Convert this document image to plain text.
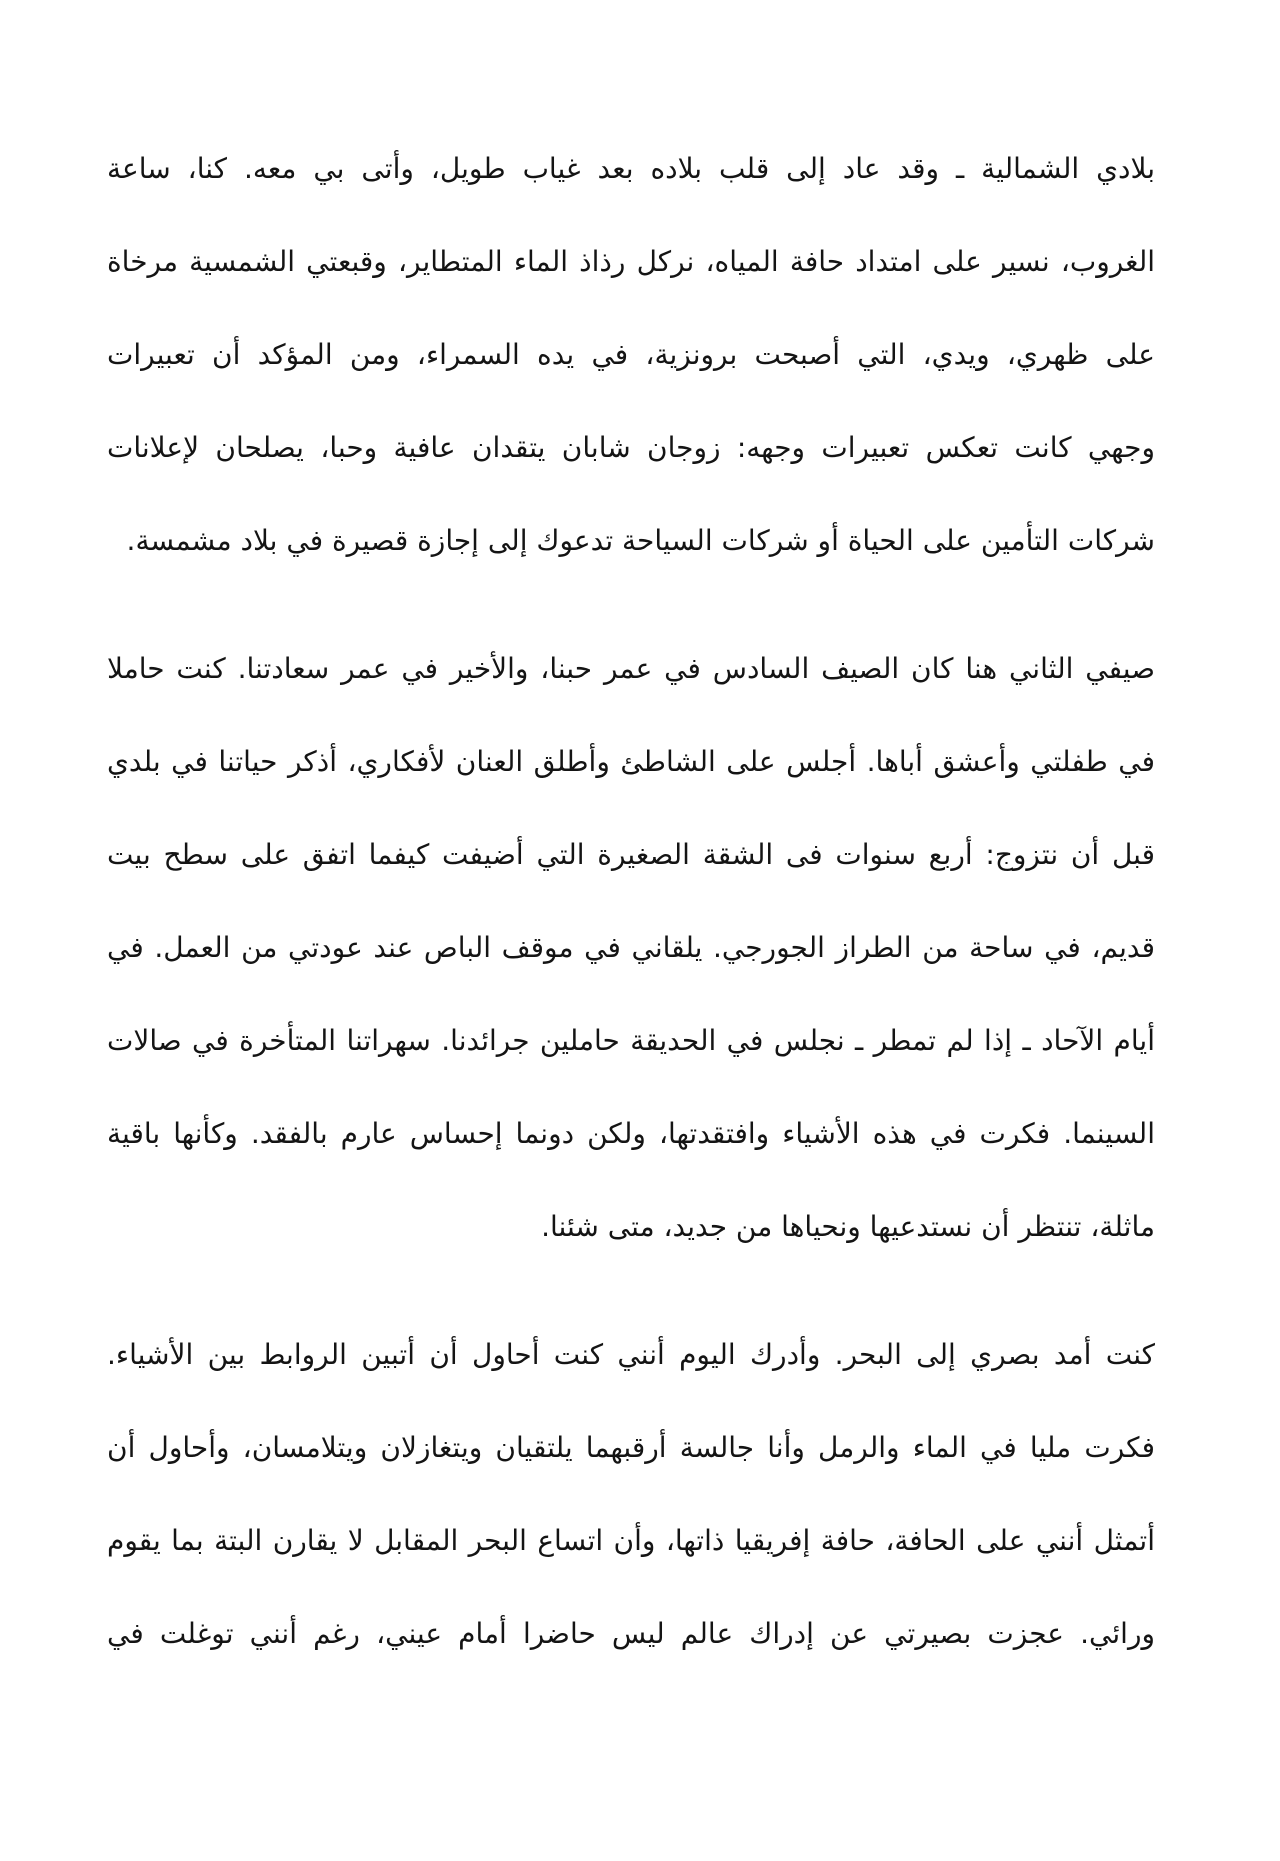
بلادي الشمالية ـ وقد عاد إلى قلب بلاده بعد غياب طويل، وأتى بي معه. كنا، ساعة
الغروب، نسير على امتداد حافة المياه، نركل رذاذ الماء المتطاير، وقبعتي الشمسية مرخاة
على ظهري، ويدي، التي أصبحت برونزية، في يده السمراء، ومن المؤكد أن تعبيرات
وجهي كانت تعكس تعبيرات وجهه: زوجان شابان يتقدان عافية وحبا، يصلحان لإعلانات
شركات التأمين على الحياة أو شركات السياحة تدعوك إلى إجازة قصيرة في بلاد مشمسة.
صيفي الثاني هنا كان الصيف السادس في عمر حبنا، والأخير في عمر سعادتنا. كنت حاملا
في طفلتي وأعشق أباها. أجلس على الشاطئ وأطلق العنان لأفكاري، أذكر حياتنا في بلدي
قبل أن نتزوج: أربع سنوات فى الشقة الصغيرة التي أضيفت كيفما اتفق على سطح بيت
قديم، في ساحة من الطراز الجورجي. يلقاني في موقف الباص عند عودتي من العمل. في
أيام الآحاد ـ إذا لم تمطر ـ نجلس في الحديقة حاملين جرائدنا. سهراتنا المتأخرة في صالات
السينما. فكرت في هذه الأشياء وافتقدتها، ولكن دونما إحساس عارم بالفقد. وكأنها باقية
ماثلة، تنتظر أن نستدعيها ونحياها من جديد، متى شئنا.
كنت أمد بصري إلى البحر. وأدرك اليوم أنني كنت أحاول أن أتبين الروابط بين الأشياء.
فكرت مليا في الماء والرمل وأنا جالسة أرقبهما يلتقيان ويتغازلان ويتلامسان، وأحاول أن
أتمثل أنني على الحافة، حافة إفريقيا ذاتها، وأن اتساع البحر المقابل لا يقارن البتة بما يقوم
ورائي. عجزت بصيرتي عن إدراك عالم ليس حاضرا أمام عيني، رغم أنني توغلت في
